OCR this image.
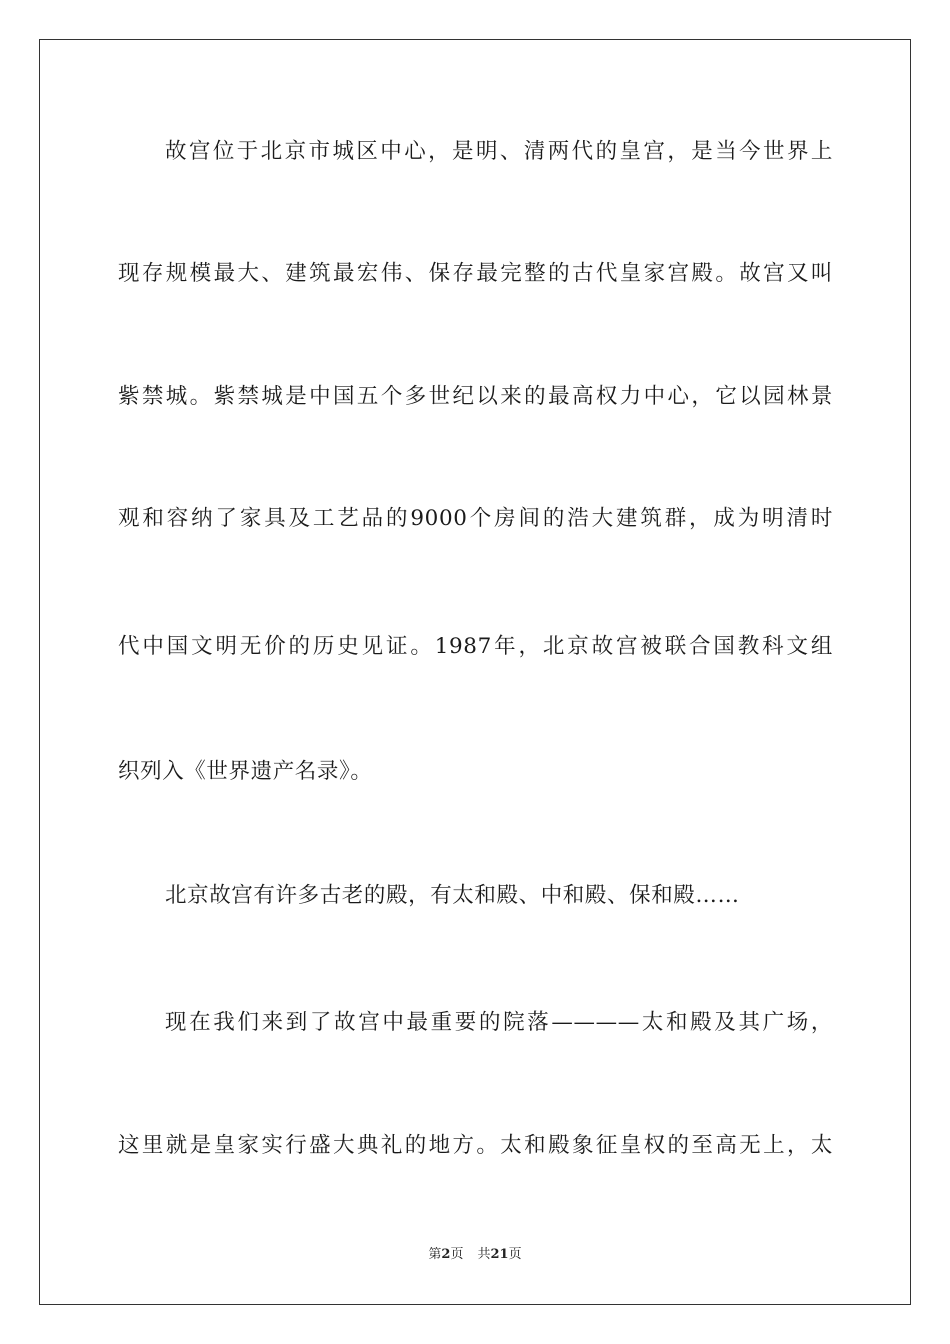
故宫位于北京市城区中心，是明、清两代的皇宫，是当今世界上
现存规模最大、建筑最宏伟、保存最完整的古代皇家宫殿。故宫又叫
紫禁城。紫禁城是中国五个多世纪以来的最高权力中心，它以园林景
观和容纳了家具及工艺品的9000个房间的浩大建筑群，成为明清时
代中国文明无价的历史见证。1987年，北京故宫被联合国教科文组
织列入《世界遗产名录》。
北京故宫有许多古老的殿，有太和殿、中和殿、保和殿……
现在我们来到了故宫中最重要的院落————太和殿及其广场，
这里就是皇家实行盛大典礼的地方。太和殿象征皇权的至高无上，太
第2页 共21页
